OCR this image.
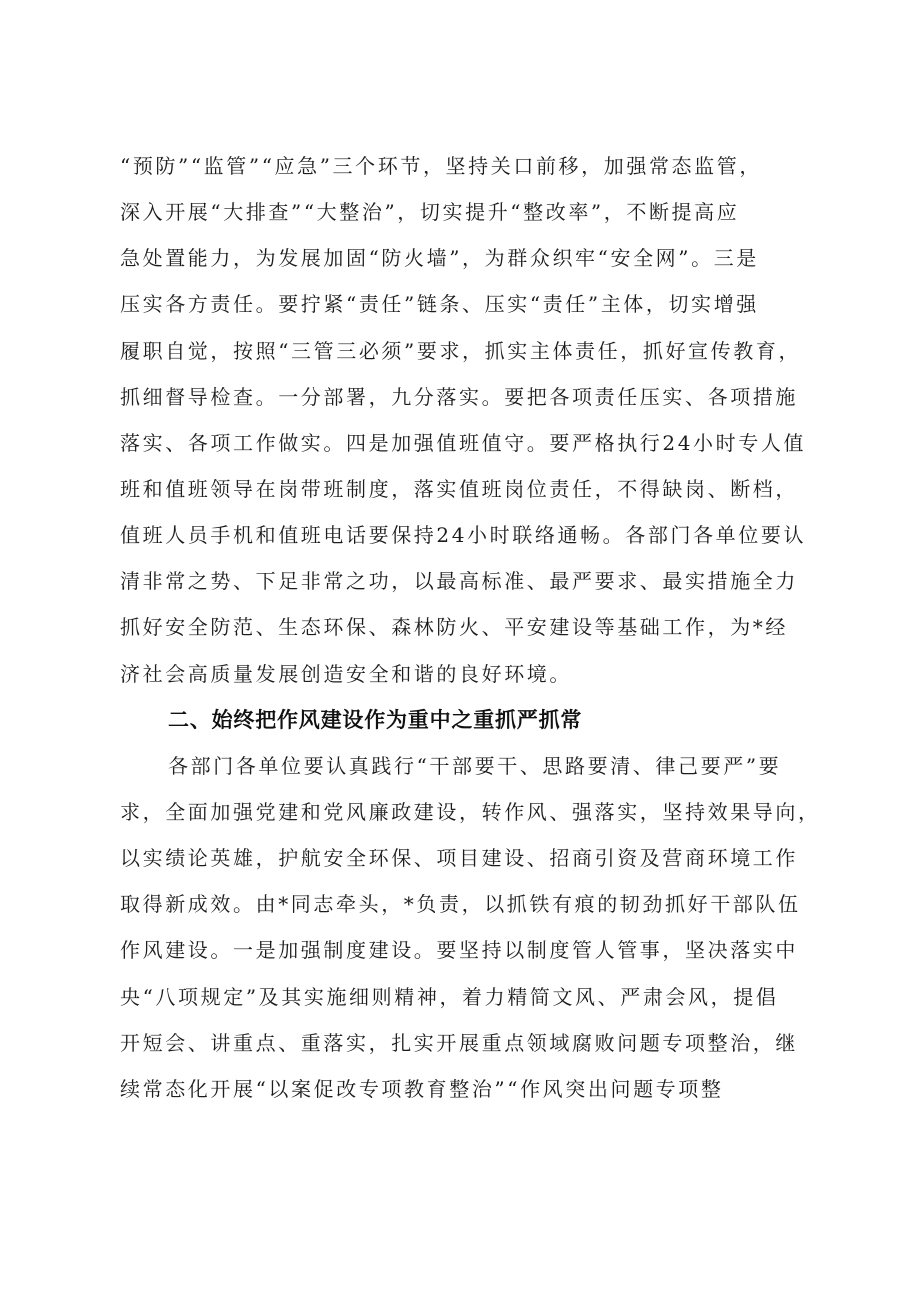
“预防”“监管”“应急”三个环节，坚持关口前移，加强常态监管，
深入开展“大排查”“大整治”，切实提升“整改率”，不断提高应
急处置能力，为发展加固“防火墙”，为群众织牢“安全网”。三是
压实各方责任。要拧紧“责任”链条、压实“责任”主体，切实增强
履职自觉，按照“三管三必须”要求，抓实主体责任，抓好宣传教育，
抓细督导检查。一分部署，九分落实。要把各项责任压实、各项措施
落实、各项工作做实。四是加强值班值守。要严格执行24小时专人值
班和值班领导在岗带班制度，落实值班岗位责任，不得缺岗、断档，
值班人员手机和值班电话要保持24小时联络通畅。各部门各单位要认
清非常之势、下足非常之功，以最高标准、最严要求、最实措施全力
抓好安全防范、生态环保、森林防火、平安建设等基础工作，为*经
济社会高质量发展创造安全和谐的良好环境。
二、始终把作风建设作为重中之重抓严抓常
各部门各单位要认真践行“干部要干、思路要清、律己要严”要
求，全面加强党建和党风廉政建设，转作风、强落实，坚持效果导向，
以实绩论英雄，护航安全环保、项目建设、招商引资及营商环境工作
取得新成效。由*同志牵头，*负责，以抓铁有痕的韧劲抓好干部队伍
作风建设。一是加强制度建设。要坚持以制度管人管事，坚决落实中
央“八项规定”及其实施细则精神，着力精简文风、严肃会风，提倡
开短会、讲重点、重落实，扎实开展重点领域腐败问题专项整治，继
续常态化开展“以案促改专项教育整治”“作风突出问题专项整
